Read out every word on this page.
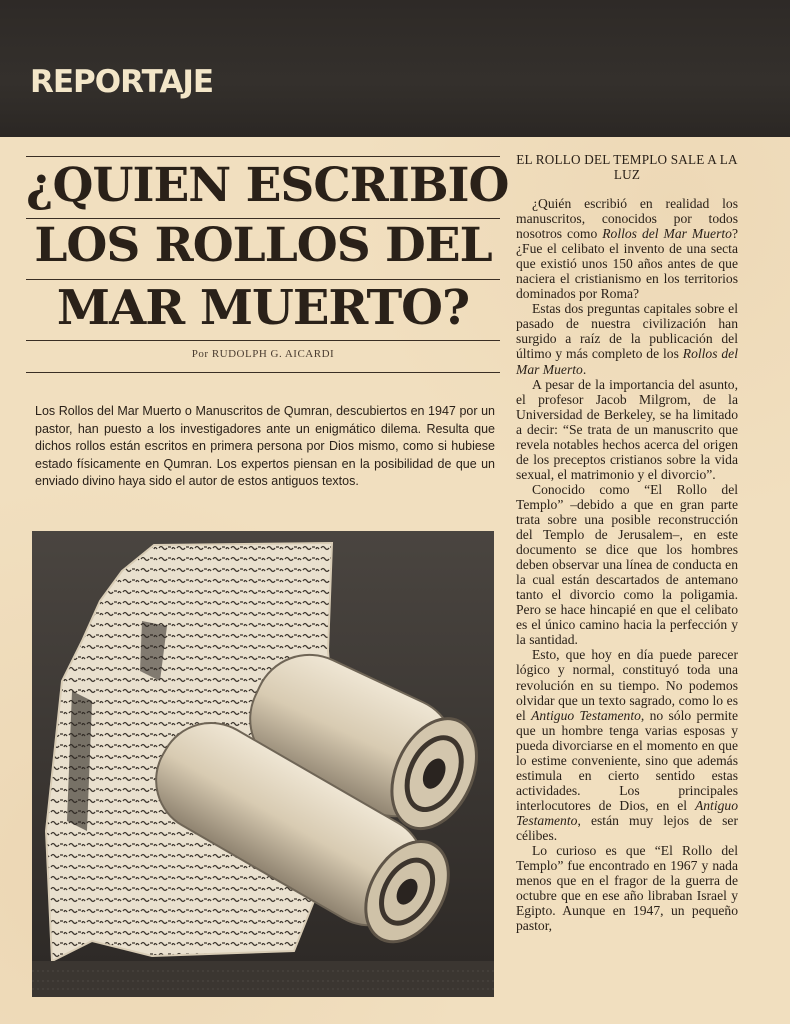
REPORTAJE
¿QUIEN ESCRIBIO
LOS ROLLOS DEL
MAR MUERTO?
Por RUDOLPH G. AICARDI
Los Rollos del Mar Muerto o Manuscritos de Qumran, descubiertos en 1947 por un pastor, han puesto a los investigadores ante un enigmático dilema. Resulta que dichos rollos están escritos en primera persona por Dios mismo, como si hubiese estado físicamente en Qumran. Los expertos piensan en la posibilidad de que un enviado divino haya sido el autor de estos antiguos textos.
EL ROLLO DEL TEMPLO SALE A LA LUZ

¿Quién escribió en realidad los manuscritos, conocidos por todos nosotros como Rollos del Mar Muerto? ¿Fue el celibato el invento de una secta que existió unos 150 años antes de que naciera el cristianismo en los territorios dominados por Roma?

Estas dos preguntas capitales sobre el pasado de nuestra civilización han surgido a raíz de la publicación del último y más completo de los Rollos del Mar Muerto.

A pesar de la importancia del asunto, el profesor Jacob Milgrom, de la Universidad de Berkeley, se ha limitado a decir: “Se trata de un manuscrito que revela notables hechos acerca del origen de los preceptos cristianos sobre la vida sexual, el matrimonio y el divorcio”.

Conocido como “El Rollo del Templo” –debido a que en gran parte trata sobre una posible reconstrucción del Templo de Jerusalem–, en este documento se dice que los hombres deben observar una línea de conducta en la cual están descartados de antemano tanto el divorcio como la poligamia. Pero se hace hincapié en que el celibato es el único camino hacia la perfección y la santidad.

Esto, que hoy en día puede parecer lógico y normal, constituyó toda una revolución en su tiempo. No podemos olvidar que un texto sagrado, como lo es el Antiguo Testamento, no sólo permite que un hombre tenga varias esposas y pueda divorciarse en el momento en que lo estime conveniente, sino que además estimula en cierto sentido estas actividades. Los principales interlocutores de Dios, en el Antiguo Testamento, están muy lejos de ser célibes.

Lo curioso es que “El Rollo del Templo” fue encontrado en 1967 y nada menos que en el fragor de la guerra de octubre que en ese año libraban Israel y Egipto. Aunque en 1947, un pequeño pastor,
